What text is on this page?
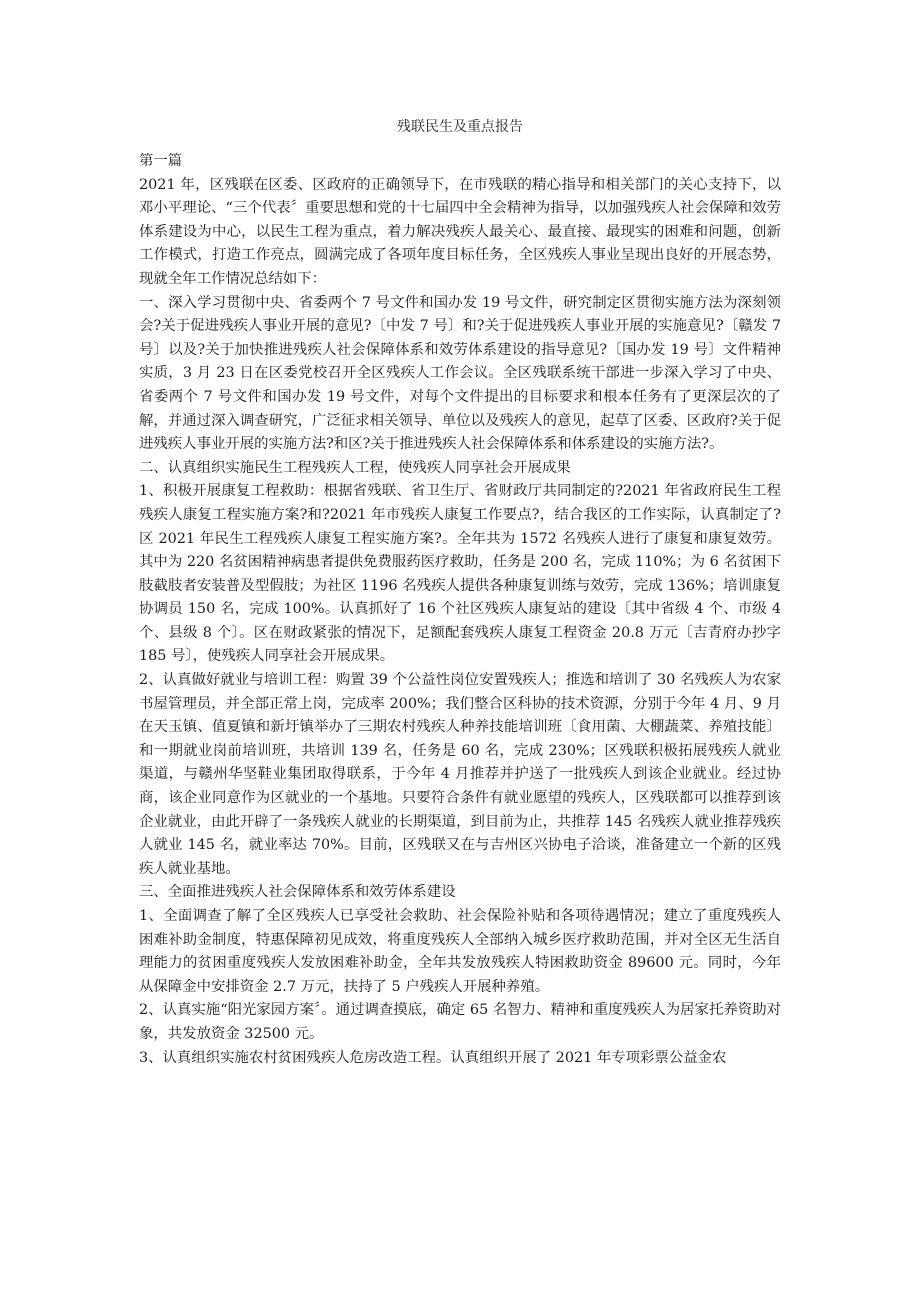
残联民生及重点报告

第一篇

2021 年，区残联在区委、区政府的正确领导下，在市残联的精心指导和相关部门的关心支持下，以邓小平理论、“三个代表〞重要思想和党的十七届四中全会精神为指导，以加强残疾人社会保障和效劳体系建设为中心，以民生工程为重点，着力解决残疾人最关心、最直接、最现实的困难和问题，创新工作模式，打造工作亮点，圆满完成了各项年度目标任务，全区残疾人事业呈现出良好的开展态势，现就全年工作情况总结如下：

一、深入学习贯彻中央、省委两个 7 号文件和国办发 19 号文件，研究制定区贯彻实施方法为深刻领会?关于促进残疾人事业开展的意见?〔中发 7 号〕和?关于促进残疾人事业开展的实施意见?〔赣发 7 号〕以及?关于加快推进残疾人社会保障体系和效劳体系建设的指导意见?〔国办发 19 号〕文件精神实质，3 月 23 日在区委党校召开全区残疾人工作会议。全区残联系统干部进一步深入学习了中央、省委两个 7 号文件和国办发 19 号文件，对每个文件提出的目标要求和根本任务有了更深层次的了解，并通过深入调查研究，广泛征求相关领导、单位以及残疾人的意见，起草了区委、区政府?关于促进残疾人事业开展的实施方法?和区?关于推进残疾人社会保障体系和体系建设的实施方法?。

二、认真组织实施民生工程残疾人工程，使残疾人同享社会开展成果

1、积极开展康复工程救助：根据省残联、省卫生厅、省财政厅共同制定的?2021 年省政府民生工程残疾人康复工程实施方案?和?2021 年市残疾人康复工作要点?，结合我区的工作实际，认真制定了?区 2021 年民生工程残疾人康复工程实施方案?。全年共为 1572 名残疾人进行了康复和康复效劳。其中为 220 名贫困精神病患者提供免费服药医疗救助，任务是 200 名，完成 110%；为 6 名贫困下肢截肢者安装普及型假肢；为社区 1196 名残疾人提供各种康复训练与效劳，完成 136%；培训康复协调员 150 名，完成 100%。认真抓好了 16 个社区残疾人康复站的建设〔其中省级 4 个、市级 4 个、县级 8 个〕。区在财政紧张的情况下，足额配套残疾人康复工程资金 20.8 万元〔吉青府办抄字 185 号〕，使残疾人同享社会开展成果。

2、认真做好就业与培训工程：购置 39 个公益性岗位安置残疾人；推选和培训了 30 名残疾人为农家书屋管理员，并全部正常上岗，完成率 200%；我们整合区科协的技术资源，分别于今年 4 月、9 月在天玉镇、值夏镇和新圩镇举办了三期农村残疾人种养技能培训班〔食用菌、大棚蔬菜、养殖技能〕和一期就业岗前培训班，共培训 139 名，任务是 60 名，完成 230%；区残联积极拓展残疾人就业渠道，与赣州华坚鞋业集团取得联系，于今年 4 月推荐并护送了一批残疾人到该企业就业。经过协商，该企业同意作为区就业的一个基地。只要符合条件有就业愿望的残疾人，区残联都可以推荐到该企业就业，由此开辟了一条残疾人就业的长期渠道，到目前为止，共推荐 145 名残疾人就业推荐残疾人就业 145 名，就业率达 70%。目前，区残联又在与吉州区兴协电子洽谈，准备建立一个新的区残疾人就业基地。

三、全面推进残疾人社会保障体系和效劳体系建设

1、全面调查了解了全区残疾人已享受社会救助、社会保险补贴和各项待遇情况；建立了重度残疾人困难补助金制度，特惠保障初见成效，将重度残疾人全部纳入城乡医疗救助范围，并对全区无生活自理能力的贫困重度残疾人发放困难补助金，全年共发放残疾人特困救助资金 89600 元。同时，今年从保障金中安排资金 2.7 万元，扶持了 5 户残疾人开展种养殖。

2、认真实施“阳光家园方案〞。通过调查摸底，确定 65 名智力、精神和重度残疾人为居家托养资助对象，共发放资金 32500 元。

3、认真组织实施农村贫困残疾人危房改造工程。认真组织开展了 2021 年专项彩票公益金农
